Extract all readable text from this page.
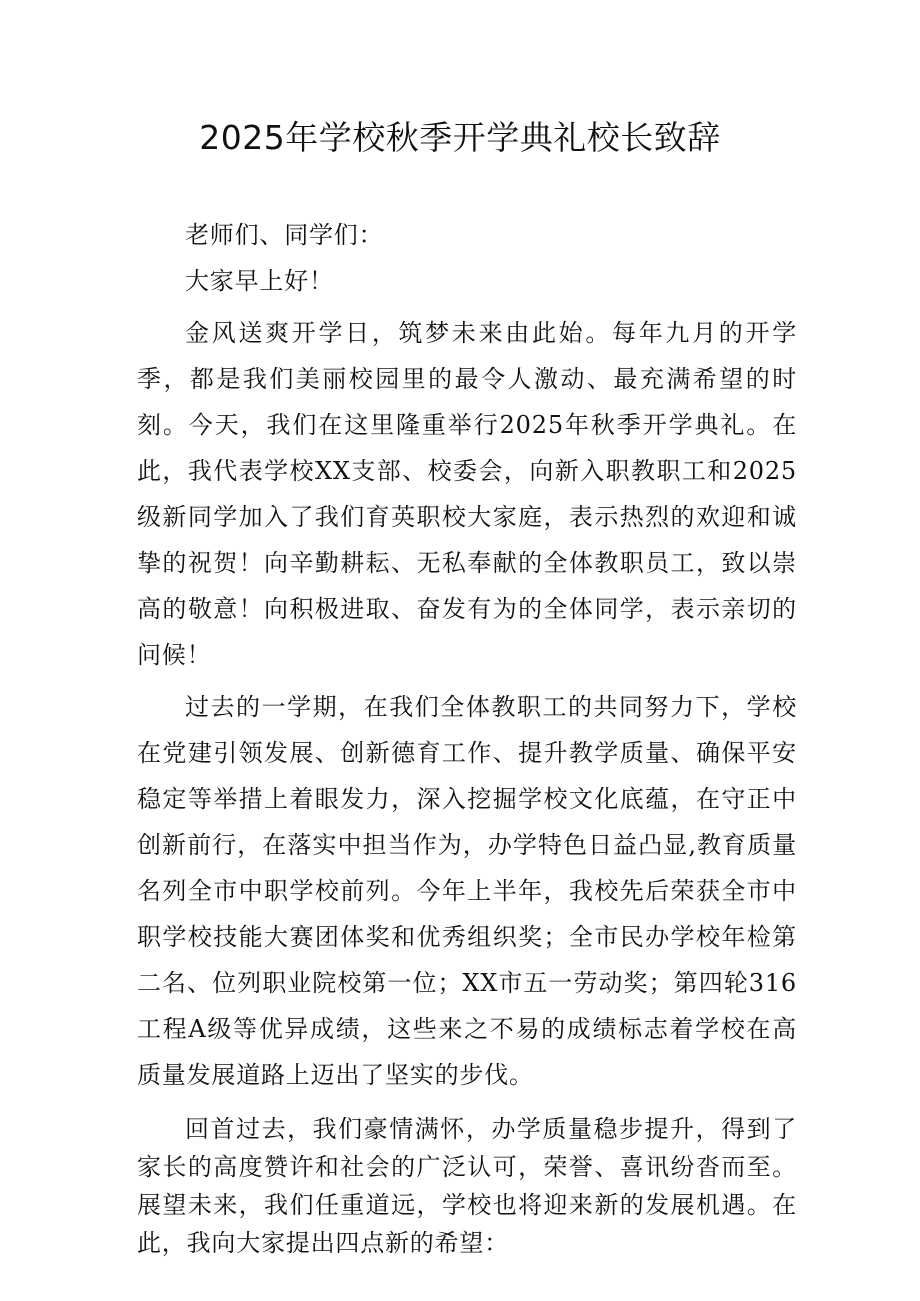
2025年学校秋季开学典礼校长致辞

老师们、同学们：

大家早上好！

金风送爽开学日，筑梦未来由此始。每年九月的开学季，都是我们美丽校园里的最令人激动、最充满希望的时刻。今天，我们在这里隆重举行2025年秋季开学典礼。在此，我代表学校XX支部、校委会，向新入职教职工和2025级新同学加入了我们育英职校大家庭，表示热烈的欢迎和诚挚的祝贺！向辛勤耕耘、无私奉献的全体教职员工，致以崇高的敬意！向积极进取、奋发有为的全体同学，表示亲切的问候！

过去的一学期，在我们全体教职工的共同努力下，学校在党建引领发展、创新德育工作、提升教学质量、确保平安稳定等举措上着眼发力，深入挖掘学校文化底蕴，在守正中创新前行，在落实中担当作为，办学特色日益凸显,教育质量名列全市中职学校前列。今年上半年，我校先后荣获全市中职学校技能大赛团体奖和优秀组织奖；全市民办学校年检第二名、位列职业院校第一位；XX市五一劳动奖；第四轮316工程A级等优异成绩，这些来之不易的成绩标志着学校在高质量发展道路上迈出了坚实的步伐。

回首过去，我们豪情满怀，办学质量稳步提升，得到了家长的高度赞许和社会的广泛认可，荣誉、喜讯纷沓而至。展望未来，我们任重道远，学校也将迎来新的发展机遇。在此，我向大家提出四点新的希望：
